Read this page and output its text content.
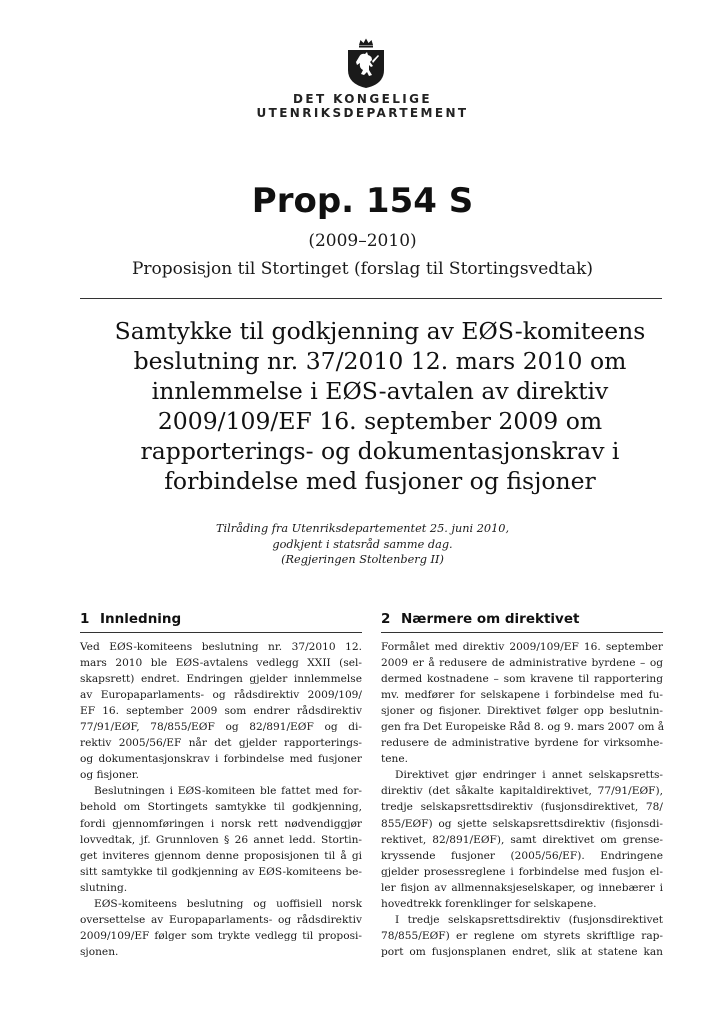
DET KONGELIGE
UTENRIKSDEPARTEMENT
Prop. 154 S
(2009–2010)
Proposisjon til Stortinget (forslag til Stortingsvedtak)
Samtykke til godkjenning av EØS-komiteens
beslutning nr. 37/2010 12. mars 2010 om
innlemmelse i EØS-avtalen av direktiv
2009/109/EF 16. september 2009 om
rapporterings- og dokumentasjonskrav i
forbindelse med fusjoner og fisjoner
Tilråding fra Utenriksdepartementet 25. juni 2010,
godkjent i statsråd samme dag.
(Regjeringen Stoltenberg II)
1 Innledning
Ved EØS-komiteens beslutning nr. 37/2010 12.
mars 2010 ble EØS-avtalens vedlegg XXII (sel-
skapsrett) endret. Endringen gjelder innlemmelse
av Europaparlaments- og rådsdirektiv 2009/109/
EF 16. september 2009 som endrer rådsdirektiv
77/91/EØF, 78/855/EØF og 82/891/EØF og di-
rektiv 2005/56/EF når det gjelder rapporterings-
og dokumentasjonskrav i forbindelse med fusjoner
og fisjoner.
Beslutningen i EØS-komiteen ble fattet med for-
behold om Stortingets samtykke til godkjenning,
fordi gjennomføringen i norsk rett nødvendiggjør
lovvedtak, jf. Grunnloven § 26 annet ledd. Stortin-
get inviteres gjennom denne proposisjonen til å gi
sitt samtykke til godkjenning av EØS-komiteens be-
slutning.
EØS-komiteens beslutning og uoffisiell norsk
oversettelse av Europaparlaments- og rådsdirektiv
2009/109/EF følger som trykte vedlegg til proposi-
sjonen.
2 Nærmere om direktivet
Formålet med direktiv 2009/109/EF 16. september
2009 er å redusere de administrative byrdene – og
dermed kostnadene – som kravene til rapportering
mv. medfører for selskapene i forbindelse med fu-
sjoner og fisjoner. Direktivet følger opp beslutnin-
gen fra Det Europeiske Råd 8. og 9. mars 2007 om å
redusere de administrative byrdene for virksomhe-
tene.
Direktivet gjør endringer i annet selskapsretts-
direktiv (det såkalte kapitaldirektivet, 77/91/EØF),
tredje selskapsrettsdirektiv (fusjonsdirektivet, 78/
855/EØF) og sjette selskapsrettsdirektiv (fisjonsdi-
rektivet, 82/891/EØF), samt direktivet om grense-
kryssende fusjoner (2005/56/EF). Endringene
gjelder prosessreglene i forbindelse med fusjon el-
ler fisjon av allmennaksjeselskaper, og innebærer i
hovedtrekk forenklinger for selskapene.
I tredje selskapsrettsdirektiv (fusjonsdirektivet
78/855/EØF) er reglene om styrets skriftlige rap-
port om fusjonsplanen endret, slik at statene kan
